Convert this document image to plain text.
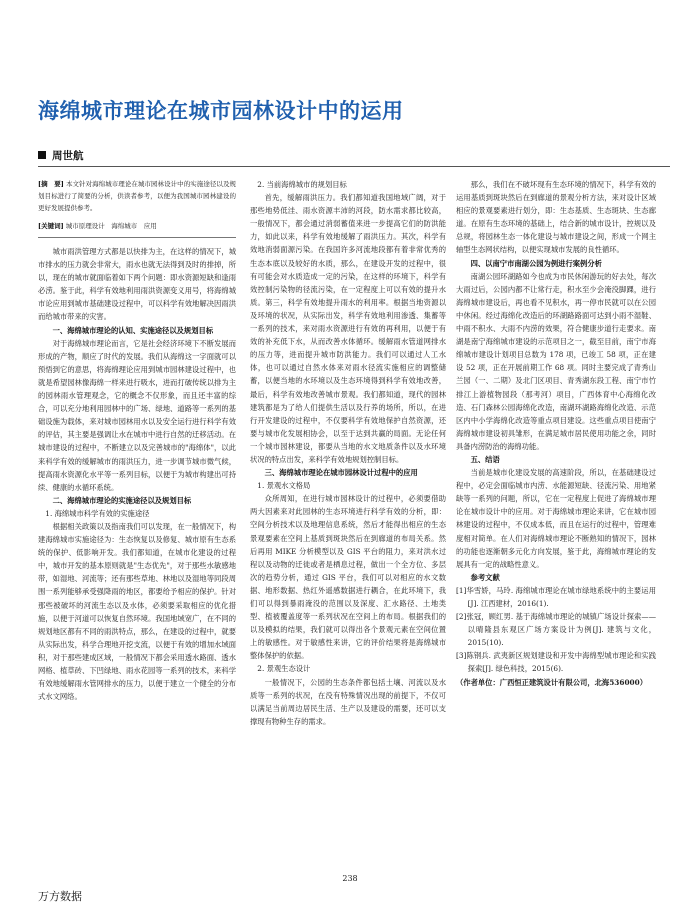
海绵城市理论在城市园林设计中的运用
周世航

[摘　要] 本文针对海绵城市理论在城市园林设计中的实施途径以及规划目标进行了简要的分析，供读者参考，以便为我国城市园林建设的更好发展提供参考。

[关键词] 城市原理设计　海绵城市　应用

城市雨洪管理方式都是以快排为主，在这样的情况下，城市排水的压力就会非常大，雨水也就无法得到及时的排掉，所以，现在的城市就面临着如下两个问题：即水资源短缺和逢雨必涝。鉴于此，科学有效地利用雨洪资源变义用号，将海绵城市论应用到城市基础建设过程中，可以科学有效地解决因雨洪而给城市带来的灾害。

一、海绵城市理论的认知、实施途径以及规划目标

对于海绵城市理论而言，它是社会经济环境下不断发展而形成的产物，顺应了时代的发展。我们从海绵这一字面就可以预悟到它的意思，将海绵理论应用到城市园林建设过程中，也就是希望园林像海绵一样来进行吸水，进而打破传统以排为主的园林雨水管理观念，它的概念不仅形象，而且还丰富的综合，可以充分地利用园林中的广场、绿地、道路等一系列的基础设施为载体，来对城市园林用水以及安全运行进行科学有效的评估，其主要是强调让水在城市中进行自然的迁移活动。在城市建设的过程中，不断建立以及完善城市的"海绵体"，以此来科学有效的缓解城市的雨洪压力，进一步调节城市微气候，提高雨水资源化水平等一系列目标，以便于为城市构建出可持续、健康的水循环系统。

二、海绵城市理论的实施途径以及规划目标

1. 海绵城市科学有效的实施途径

根据相关政策以及指南我们可以发现，在一般情况下，构建海绵城市实施途径为：生态恢复以及修复、城市原有生态系统的保护、低影响开发。我们都知道，在城市化建设的过程中，城市开发的基本原则就是"生态优先"，对于那些水敏感地带，如湿地、河流等；还有那些草地、林地以及湿地等同段周围一系列能够承受强降雨的地区，都要给予相应的保护。针对那些被破坏的河流生态以及水体，必须要采取相应的优化措施，以便于河道可以恢复自然环境。我国地域宽广，在不同的规划地区都有不同的雨洪特点，那么，在建设的过程中，就要从实际出发，科学合理地开挖支流，以便于有效的增加水域面积，对于那些建成区域，一般情况下都会采用透水路面、透水网格、植草砖、下凹绿地、雨水花园等一系列的技术，来科学有效地缓解雨水管网排水的压力，以便于建立一个健全的分布式水文网络。

2. 当前海绵城市的规划目标

首先，缓解雨洪压力。我们都知道我国地域广阔，对于那些地势低洼、雨水资源丰沛的河段，防水需求都比较高，一般情况下，都会通过消弱蓄值来进一步提高它们的防洪能力，如此以来，科学有效地缓解了雨洪压力。其次，科学有效地消弱面源污染。在我国许多河流地段都有着非常优秀的生态本底以及较好的水质，那么，在建设开发的过程中，很有可能会对水质造成一定的污染，在这样的环境下，科学有效控制污染物的径流污染，在一定程度上可以有效的提升水质。第三，科学有效地提升雨水的利用率。根据当地资源以及环境的状况，从实际出发，科学有效地利用渗透、集蓄等一系列的技术，来对雨水资源进行有效的再利用，以便于有效的补充低下水，从而改善水体循环。缓解雨水管道网排水的压力等，进而提升城市防洪能力。我们可以通过人工水体，也可以通过自然水体来对雨水径流实施相应的调整储蓄，以便当地的水环境以及生态环境得到科学有效地改善，最后，科学有效地改善城市景观。我们都知道，现代的园林建筑都是为了给人们提供生活以及行养的场所，所以，在进行开发建设的过程中，不仅要科学有效地保护自然资源，还要与城市化发展相协会，以至于达到共赢的局面。无论任何一个城市园林建设，都要从当地的水文地质条件以及水环境状况的特点出发，来科学有效地规划控制目标。

三、海绵城市理论在城市园林设计过程中的应用

1. 景观水文格局

众所周知，在进行城市园林设计的过程中，必须要借助两大因素来对此园林的生态环境进行科学有效的分析，即：空间分析技术以及地理信息系统，然后才能得出相应的生态景观要素在空间上基质到斑块然后在到廊道的布局关系。然后再用 MIKE 分析模型以及 GIS 平台的阻力，来对洪水过程以及动物的迁徙或者是栖息过程，做出一个全方位、多层次的趋势分析，通过 GIS 平台，我们可以对相应的水文数据、地形数据、热红外遥感数据进行耦合，在此环境下，我们可以得到暴雨淹没的范围以及深度、汇水路径、土地类型、植被覆盖度等一系列状况在空间上的布局。根据我们的以及模拟的结果，我们就可以得出各个景观元素在空间位置上的敏感性。对于敏感性来讲，它的评价结果将是海绵城市整体保护的依据。

2. 景观生态设计

一般情况下，公园的生态条件都包括土壤、河流以及水质等一系列的状况，在没有特殊情况出现的前提下，不仅可以满足当前周边居民生活、生产以及建设的需要，还可以支撑现有物种生存的需求。

那么，我们在不破坏现有生态环境的情况下，科学有效的运用基质到斑块然后在到廊道的景观分析方法，来对设计区域相应的景观要素进行划分，即：生态基质、生态斑块、生态廊道。在原有生态环境的基础上，结合新的城市设计，控规以及总规，将园林生态一体化建设与城市建设之间，形成一个网主轴型生态网状结构，以便实现城市发展的良性循环。

四、以南宁市南湖公园为例进行案例分析

南湖公园环湖路如今也成为市民休闲游玩的好去处，每次大雨过后，公园内都不让常行走，积水至少会淹没脚踝，进行海绵城市建设后，再也看不见积水，再一停市民就可以在公园中休闲。经过海绵化改造后的环湖路路面可达到小雨不湿鞋、中雨不积水、大雨不内涝的效果，符合健康步道行走要求。南湖是南宁海绵城市建设的示范项目之一，截至目前，南宁市海绵城市建设计划项目总数为 178 项，已竣工 58 项，正在建设 52 项，正在开展前期工作 68 项。同时主要完成了青秀山兰园（一、二期）及北门区项目、青秀湖东段工程、南宁市竹排江上游植物园段（那考河）项目，广西体育中心海绵化改造、石门森林公园海绵化改造，南湖环湖路海绵化改造、示范区内中小学海绵化改造等重点项目建设。这些重点项目使南宁海绵城市建设初具雏形，在满足城市居民使用功能之余，同时具备内涝防治的海绵功能。

五、结语

当前是城市化建设发展的高速阶段，所以，在基础建设过程中，必定会面临城市内涝、水能源短缺、径流污染、用地紧缺等一系列的问题，所以，它在一定程度上促进了海绵城市理论在城市设计中的应用。对于海绵城市理论来讲，它在城市园林建设的过程中，不仅成本低，而且在运行的过程中，管理难度相对简单。在人们对海绵城市理论不断熟知的情况下，园林的功能也逐渐朝多元化方向发展，鉴于此，海绵城市理论的发展具有一定的战略性意义。

参考文献

[1]华雪娇，马玲. 海绵城市理论在城市绿地系统中的主要运用[J]. 江西建材，2016(1).

[2]张冠，顾红男. 基于海绵城市理论的城镇广场设计探索——以晴隆县东观区广场方案设计为例[J]. 建筑与文化，2015(10).

[3]陈钢兵. 武夷新区规划建设和开发中海绵型城市理论和实践探索[J]. 绿色科技，2015(6).

（作者单位：广西恒正建筑设计有限公司，北海536000）

238
万方数据
